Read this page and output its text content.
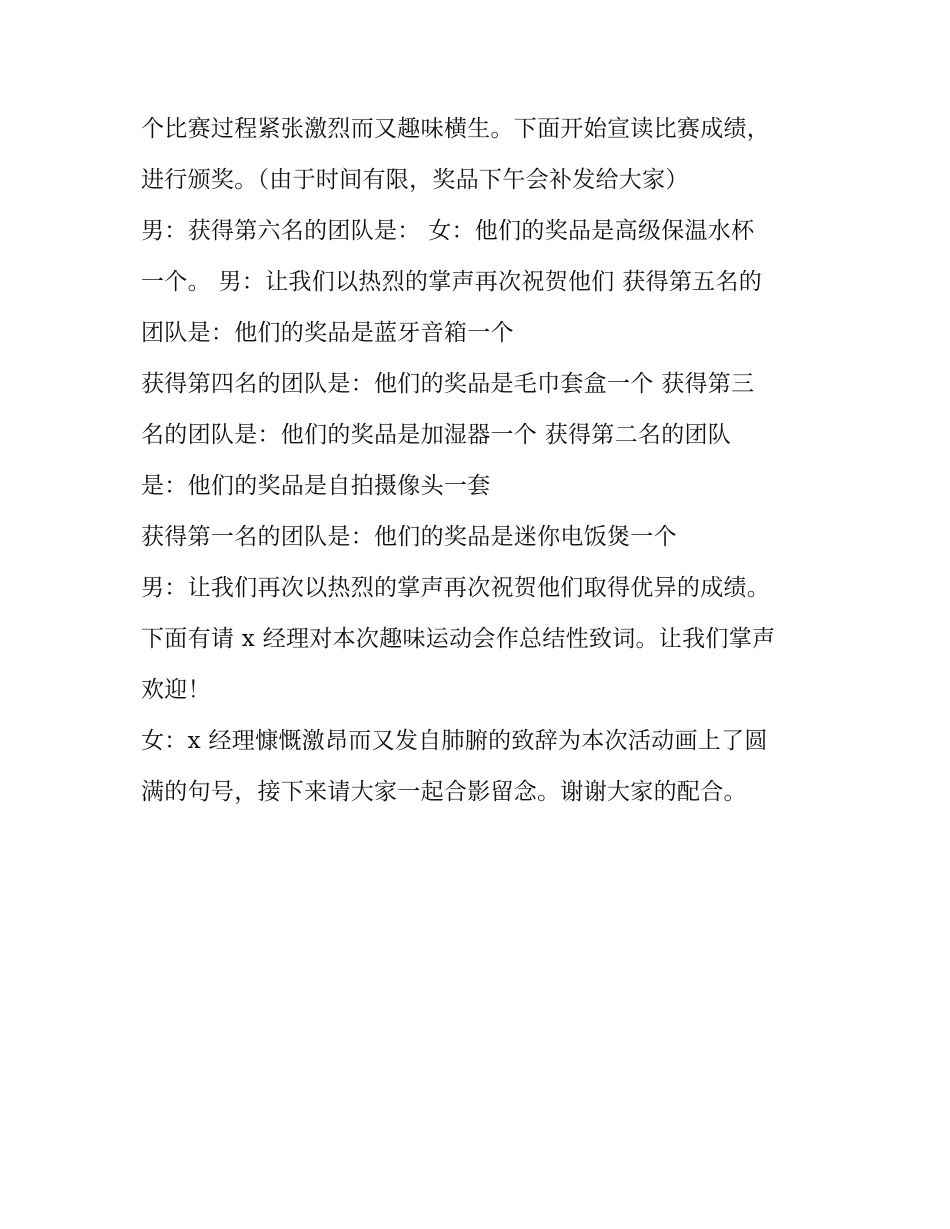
个比赛过程紧张激烈而又趣味横生。下面开始宣读比赛成绩，
进行颁奖。（由于时间有限，奖品下午会补发给大家）
男：获得第六名的团队是： 女：他们的奖品是高级保温水杯
一个。 男：让我们以热烈的掌声再次祝贺他们 获得第五名的
团队是：他们的奖品是蓝牙音箱一个
获得第四名的团队是：他们的奖品是毛巾套盒一个 获得第三
名的团队是：他们的奖品是加湿器一个 获得第二名的团队
是：他们的奖品是自拍摄像头一套
获得第一名的团队是：他们的奖品是迷你电饭煲一个
男：让我们再次以热烈的掌声再次祝贺他们取得优异的成绩。
下面有请 x 经理对本次趣味运动会作总结性致词。让我们掌声
欢迎！
女：x 经理慷慨激昂而又发自肺腑的致辞为本次活动画上了圆
满的句号，接下来请大家一起合影留念。谢谢大家的配合。
